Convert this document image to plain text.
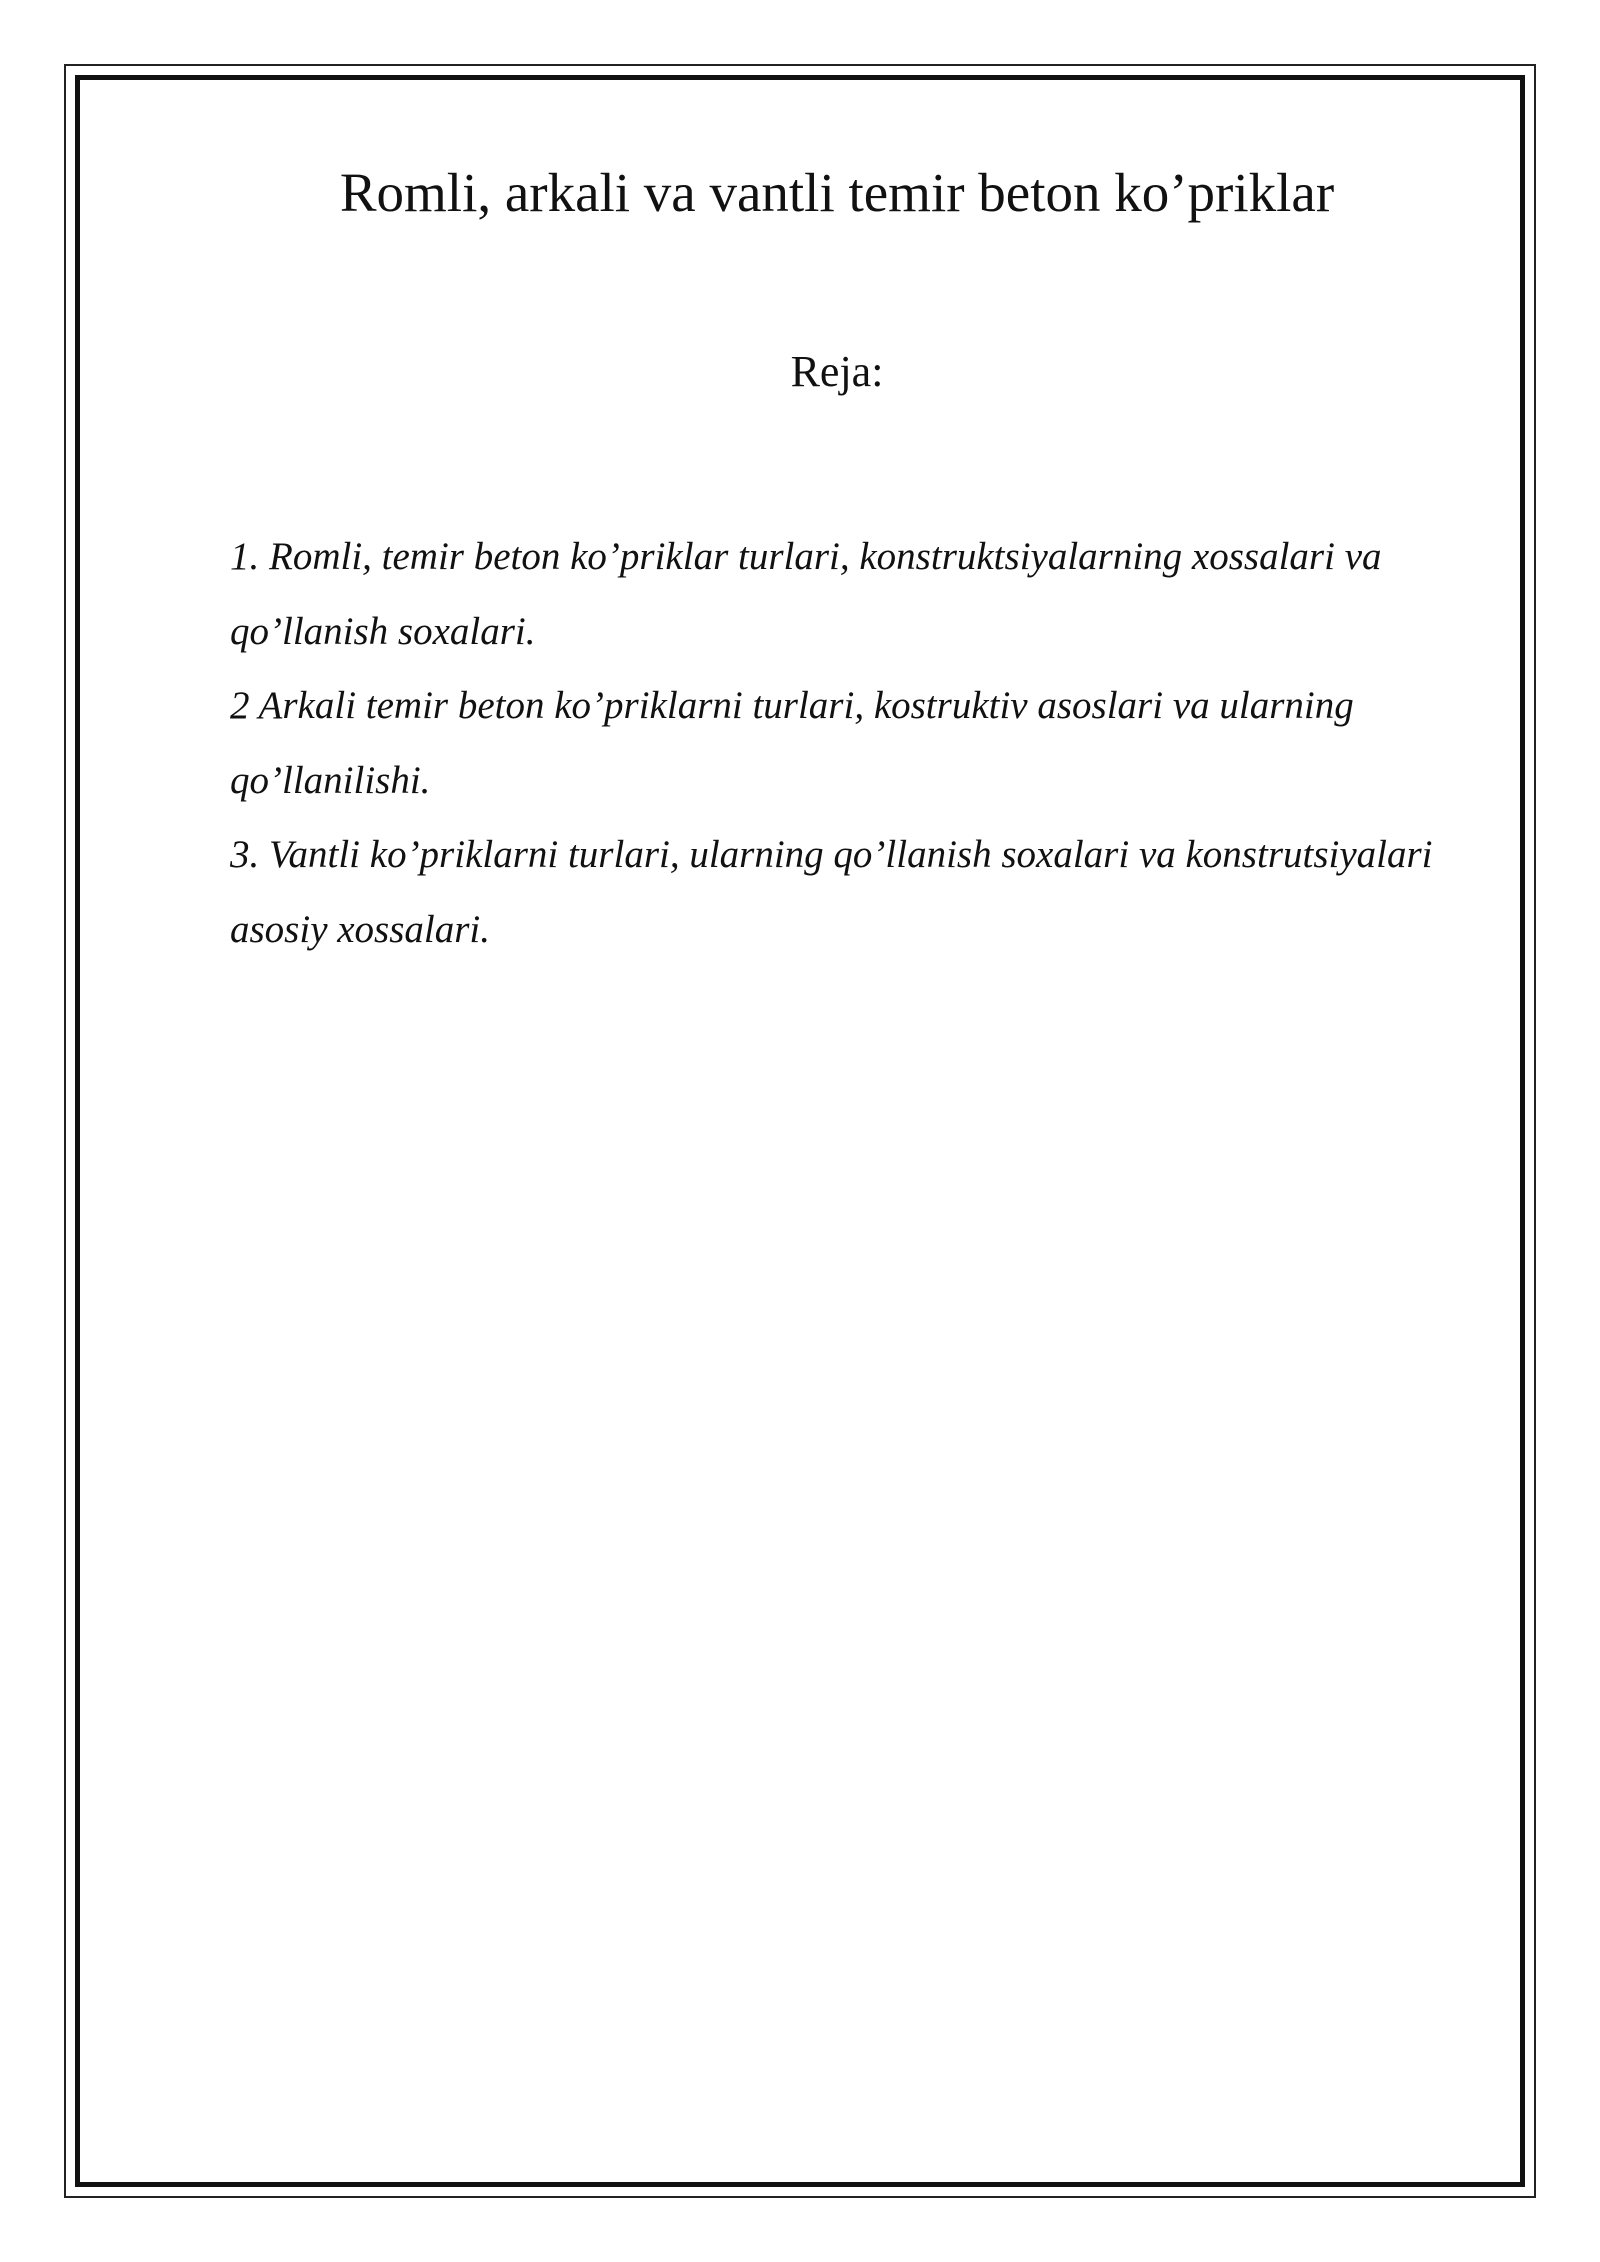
Romli, arkali va vantli temir beton ko’priklar
Reja:
1. Romli, temir beton ko’priklar turlari, konstruktsiyalarning xossalari va qo’llanish soxalari.
2 Arkali temir beton ko’priklarni turlari, kostruktiv asoslari va ularning qo’llanilishi.
3. Vantli ko’priklarni turlari, ularning qo’llanish soxalari va konstrutsiyalari asosiy xossalari.
